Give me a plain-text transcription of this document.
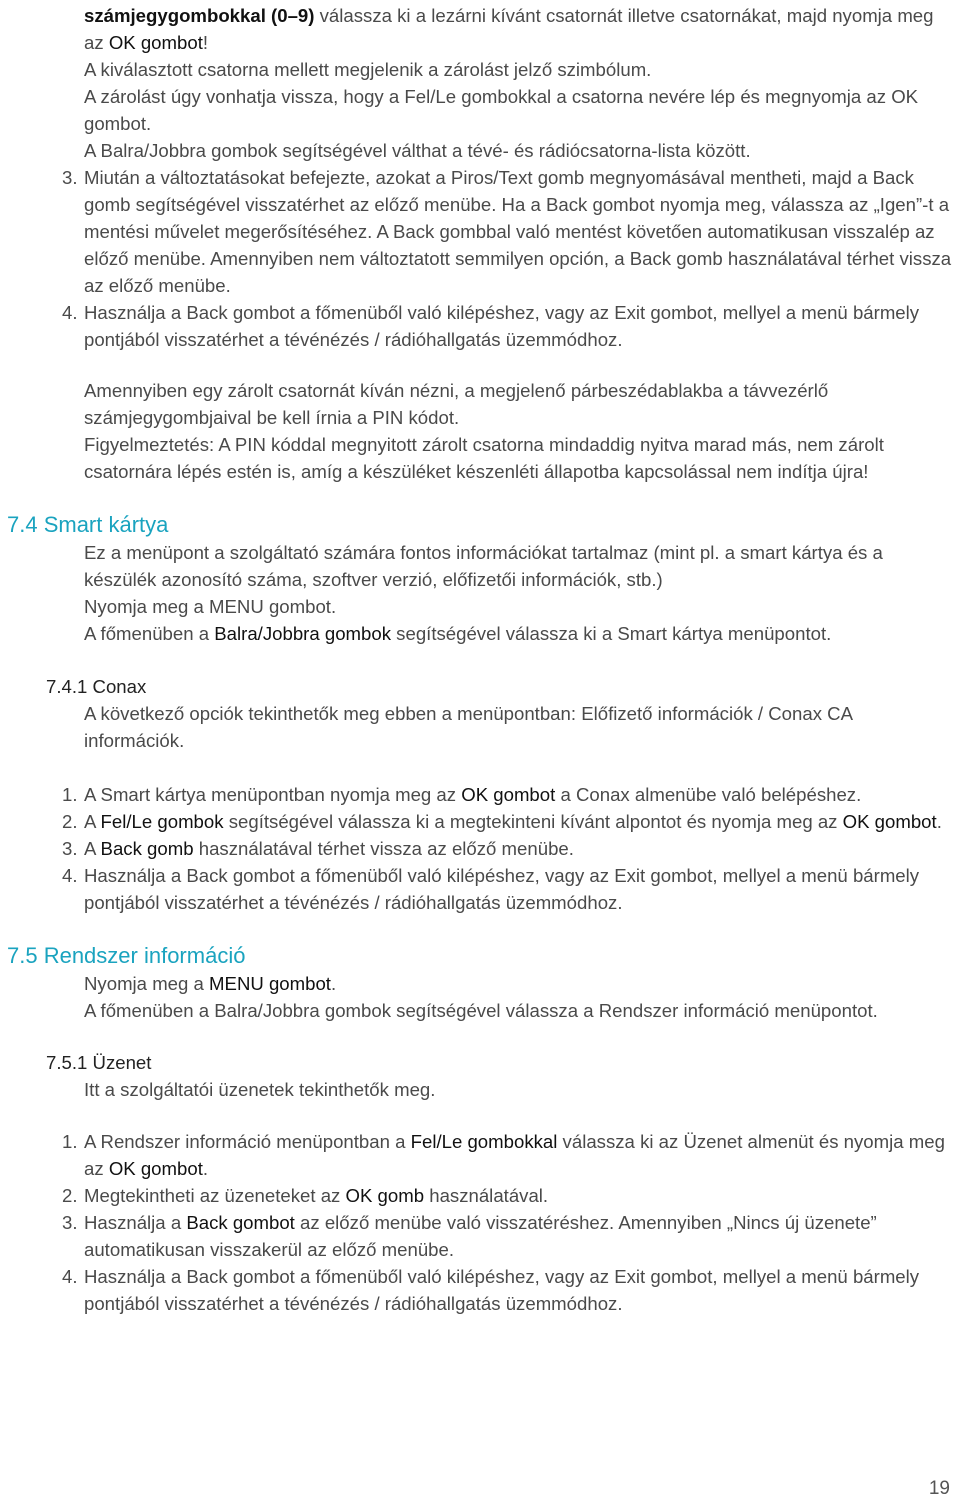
számjegygombokkal (0–9) válassza ki a lezárni kívánt csatornát illetve csatornákat, majd nyomja meg az OK gombot!

A kiválasztott csatorna mellett megjelenik a zárolást jelző szimbólum.

A zárolást úgy vonhatja vissza, hogy a Fel/Le gombokkal a csatorna nevére lép és megnyomja az OK gombot.

A Balra/Jobbra gombok segítségével válthat a tévé- és rádiócsatorna-lista között.

3. Miután a változtatásokat befejezte, azokat a Piros/Text gomb megnyomásával mentheti, majd a Back gomb segítségével visszatérhet az előző menübe. Ha a Back gombot nyomja meg, válassza az „Igen”-t a mentési művelet megerősítéséhez. A Back gombbal való mentést követően automatikusan visszalép az előző menübe. Amennyiben nem változtatott semmilyen opción, a Back gomb használatával térhet vissza az előző menübe.
4. Használja a Back gombot a főmenüből való kilépéshez, vagy az Exit gombot, mellyel a menü bármely pontjából visszatérhet a tévénézés / rádióhallgatás üzemmódhoz.

Amennyiben egy zárolt csatornát kíván nézni, a megjelenő párbeszédablakba a távvezérlő számjegygombjaival be kell írnia a PIN kódot.

Figyelmeztetés: A PIN kóddal megnyitott zárolt csatorna mindaddig nyitva marad más, nem zárolt csatornára lépés estén is, amíg a készüléket készenléti állapotba kapcsolással nem indítja újra!

7.4 Smart kártya

Ez a menüpont a szolgáltató számára fontos információkat tartalmaz (mint pl. a smart kártya és a készülék azonosító száma, szoftver verzió, előfizetői információk, stb.)

Nyomja meg a MENU gombot.

A főmenüben a Balra/Jobbra gombok segítségével válassza ki a Smart kártya menüpontot.

7.4.1 Conax

A következő opciók tekinthetők meg ebben a menüpontban: Előfizető információk / Conax CA információk.

1. A Smart kártya menüpontban nyomja meg az OK gombot a Conax almenübe való belépéshez.
2. A Fel/Le gombok segítségével válassza ki a megtekinteni kívánt alpontot és nyomja meg az OK gombot.
3. A Back gomb használatával térhet vissza az előző menübe.
4. Használja a Back gombot a főmenüből való kilépéshez, vagy az Exit gombot, mellyel a menü bármely pontjából visszatérhet a tévénézés / rádióhallgatás üzemmódhoz.
7.5 Rendszer információ

Nyomja meg a MENU gombot.

A főmenüben a Balra/Jobbra gombok segítségével válassza a Rendszer információ menüpontot.

7.5.1 Üzenet

Itt a szolgáltatói üzenetek tekinthetők meg.

1. A Rendszer információ menüpontban a Fel/Le gombokkal válassza ki az Üzenet almenüt és nyomja meg az OK gombot.
2. Megtekintheti az üzeneteket az OK gomb használatával.
3. Használja a Back gombot az előző menübe való visszatéréshez. Amennyiben „Nincs új üzenete” automatikusan visszakerül az előző menübe.
4. Használja a Back gombot a főmenüből való kilépéshez, vagy az Exit gombot, mellyel a menü bármely pontjából visszatérhet a tévénézés / rádióhallgatás üzemmódhoz.
19
